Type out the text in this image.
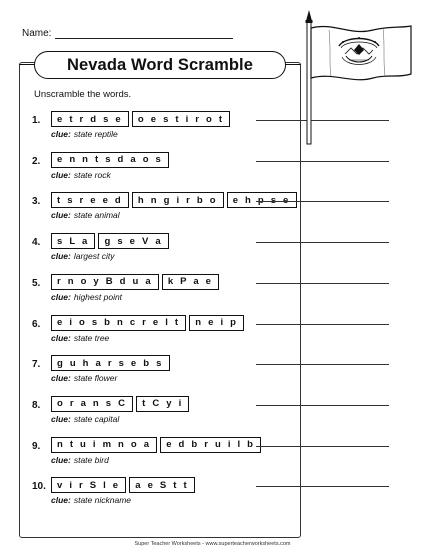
Name:
Nevada Word Scramble
Unscramble the words.
1.	e t r d s e	o e s t i r o t
clue: state reptile
2.	e n n t s d a o s
clue: state rock
3.	t s r e e d	h n g i r b o	e h p s e
clue: state animal
4.	s L a	g s e V a
clue: largest city
5.	r n o y B d u a	k P a e
clue: highest point
6.	e i o s b n c r e l t	n e i p
clue: state tree
7.	g u h a r s e b s
clue: state flower
8.	o r a n s C	t C y i
clue: state capital
9.	n t u i m n o a	e d b r u i l b
clue: state bird
10.	v i r S l e	a e S t t
clue: state nickname
Super Teacher Worksheets - www.superteacherworksheets.com
